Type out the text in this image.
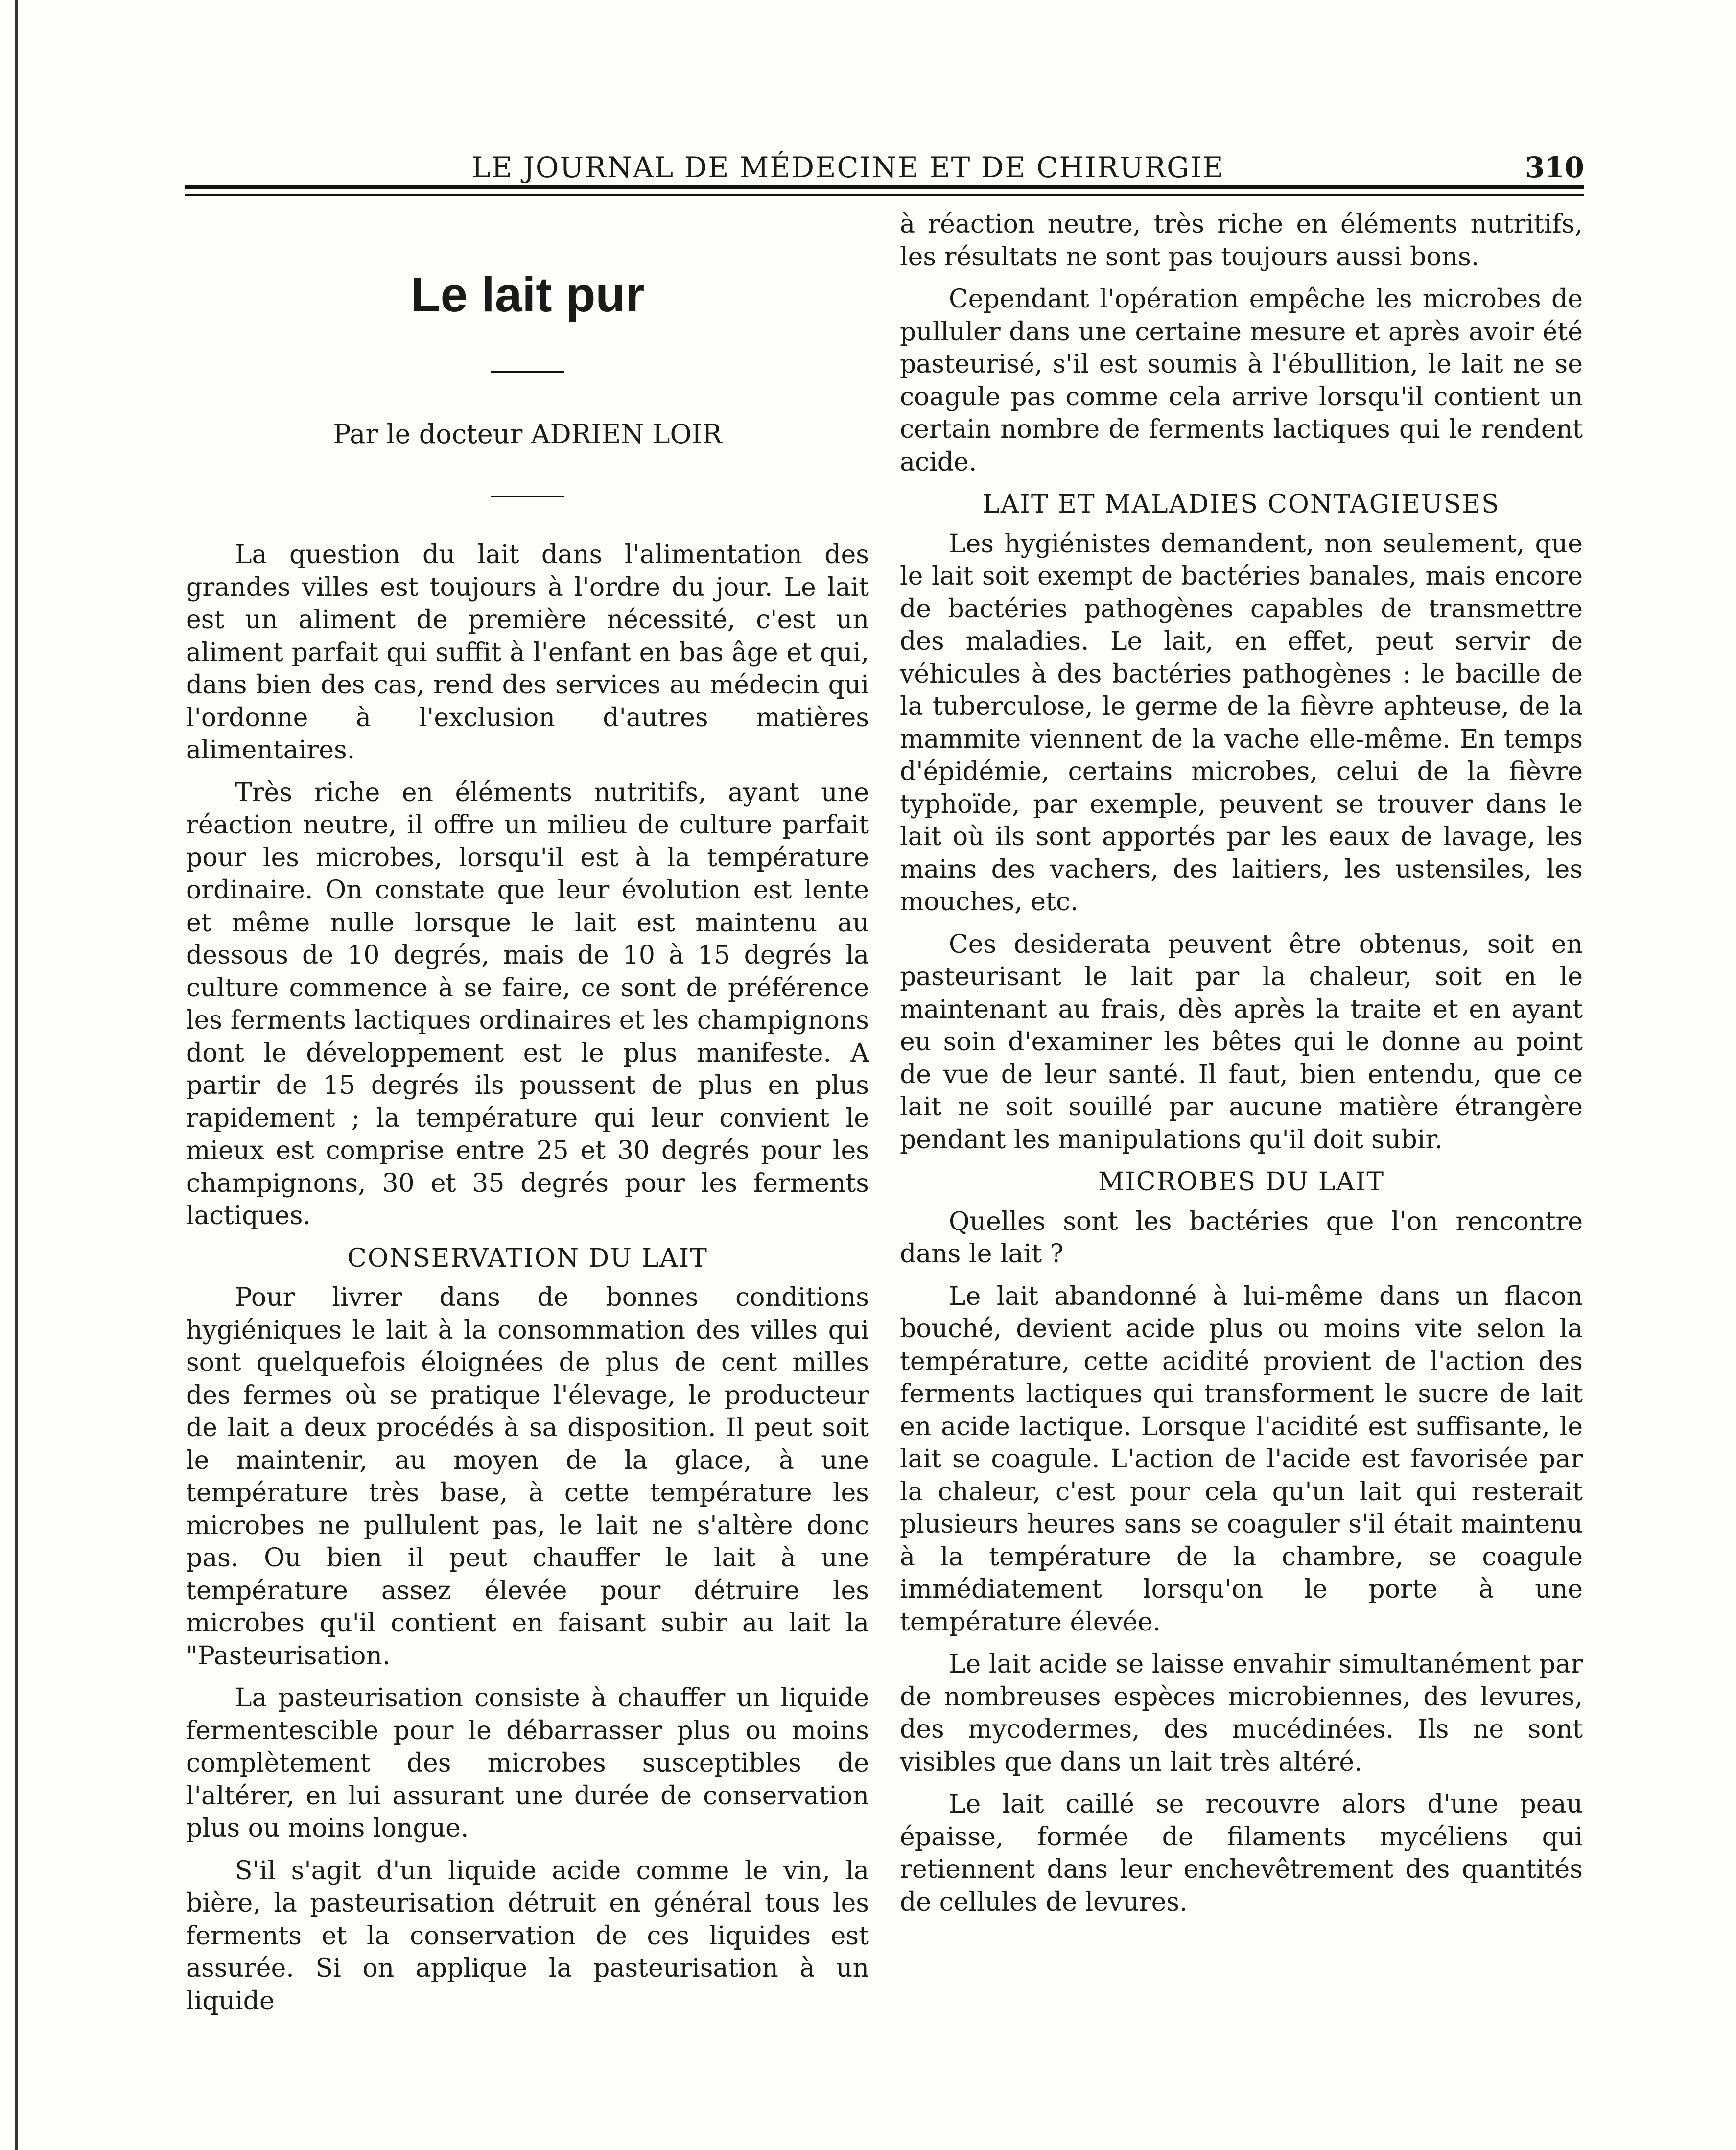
LE JOURNAL DE MÉDECINE ET DE CHIRURGIE	310
Le lait pur
Par le docteur ADRIEN LOIR

La question du lait dans l'alimentation des grandes villes est toujours à l'ordre du jour. Le lait est un aliment de première nécessité, c'est un aliment parfait qui suffit à l'enfant en bas âge et qui, dans bien des cas, rend des services au médecin qui l'ordonne à l'exclusion d'autres matières alimentaires.

Très riche en éléments nutritifs, ayant une réaction neutre, il offre un milieu de culture parfait pour les microbes, lorsqu'il est à la température ordinaire. On constate que leur évolution est lente et même nulle lorsque le lait est maintenu au dessous de 10 degrés, mais de 10 à 15 degrés la culture commence à se faire, ce sont de préférence les ferments lactiques ordinaires et les champignons dont le développement est le plus manifeste. A partir de 15 degrés ils poussent de plus en plus rapidement ; la température qui leur convient le mieux est comprise entre 25 et 30 degrés pour les champignons, 30 et 35 degrés pour les ferments lactiques.

CONSERVATION DU LAIT

Pour livrer dans de bonnes conditions hygiéniques le lait à la consommation des villes qui sont quelquefois éloignées de plus de cent milles des fermes où se pratique l'élevage, le producteur de lait a deux procédés à sa disposition. Il peut soit le maintenir, au moyen de la glace, à une température très base, à cette température les microbes ne pullulent pas, le lait ne s'altère donc pas. Ou bien il peut chauffer le lait à une température assez élevée pour détruire les microbes qu'il contient en faisant subir au lait la "Pasteurisation.

La pasteurisation consiste à chauffer un liquide fermentescible pour le débarrasser plus ou moins complètement des microbes susceptibles de l'altérer, en lui assurant une durée de conservation plus ou moins longue.

S'il s'agit d'un liquide acide comme le vin, la bière, la pasteurisation détruit en général tous les ferments et la conservation de ces liquides est assurée. Si on applique la pasteurisation à un liquide

à réaction neutre, très riche en éléments nutritifs, les résultats ne sont pas toujours aussi bons.

Cependant l'opération empêche les microbes de pulluler dans une certaine mesure et après avoir été pasteurisé, s'il est soumis à l'ébullition, le lait ne se coagule pas comme cela arrive lorsqu'il contient un certain nombre de ferments lactiques qui le rendent acide.

LAIT ET MALADIES CONTAGIEUSES

Les hygiénistes demandent, non seulement, que le lait soit exempt de bactéries banales, mais encore de bactéries pathogènes capables de transmettre des maladies. Le lait, en effet, peut servir de véhicules à des bactéries pathogènes : le bacille de la tuberculose, le germe de la fièvre aphteuse, de la mammite viennent de la vache elle-même. En temps d'épidémie, certains microbes, celui de la fièvre typhoïde, par exemple, peuvent se trouver dans le lait où ils sont apportés par les eaux de lavage, les mains des vachers, des laitiers, les ustensiles, les mouches, etc.

Ces desiderata peuvent être obtenus, soit en pasteurisant le lait par la chaleur, soit en le maintenant au frais, dès après la traite et en ayant eu soin d'examiner les bêtes qui le donne au point de vue de leur santé. Il faut, bien entendu, que ce lait ne soit souillé par aucune matière étrangère pendant les manipulations qu'il doit subir.

MICROBES DU LAIT

Quelles sont les bactéries que l'on rencontre dans le lait ?

Le lait abandonné à lui-même dans un flacon bouché, devient acide plus ou moins vite selon la température, cette acidité provient de l'action des ferments lactiques qui transforment le sucre de lait en acide lactique. Lorsque l'acidité est suffisante, le lait se coagule. L'action de l'acide est favorisée par la chaleur, c'est pour cela qu'un lait qui resterait plusieurs heures sans se coaguler s'il était maintenu à la température de la chambre, se coagule immédiatement lorsqu'on le porte à une température élevée.

Le lait acide se laisse envahir simultanément par de nombreuses espèces microbiennes, des levures, des mycodermes, des mucédinées. Ils ne sont visibles que dans un lait très altéré.

Le lait caillé se recouvre alors d'une peau épaisse, formée de filaments mycéliens qui retiennent dans leur enchevêtrement des quantités de cellules de levures.
